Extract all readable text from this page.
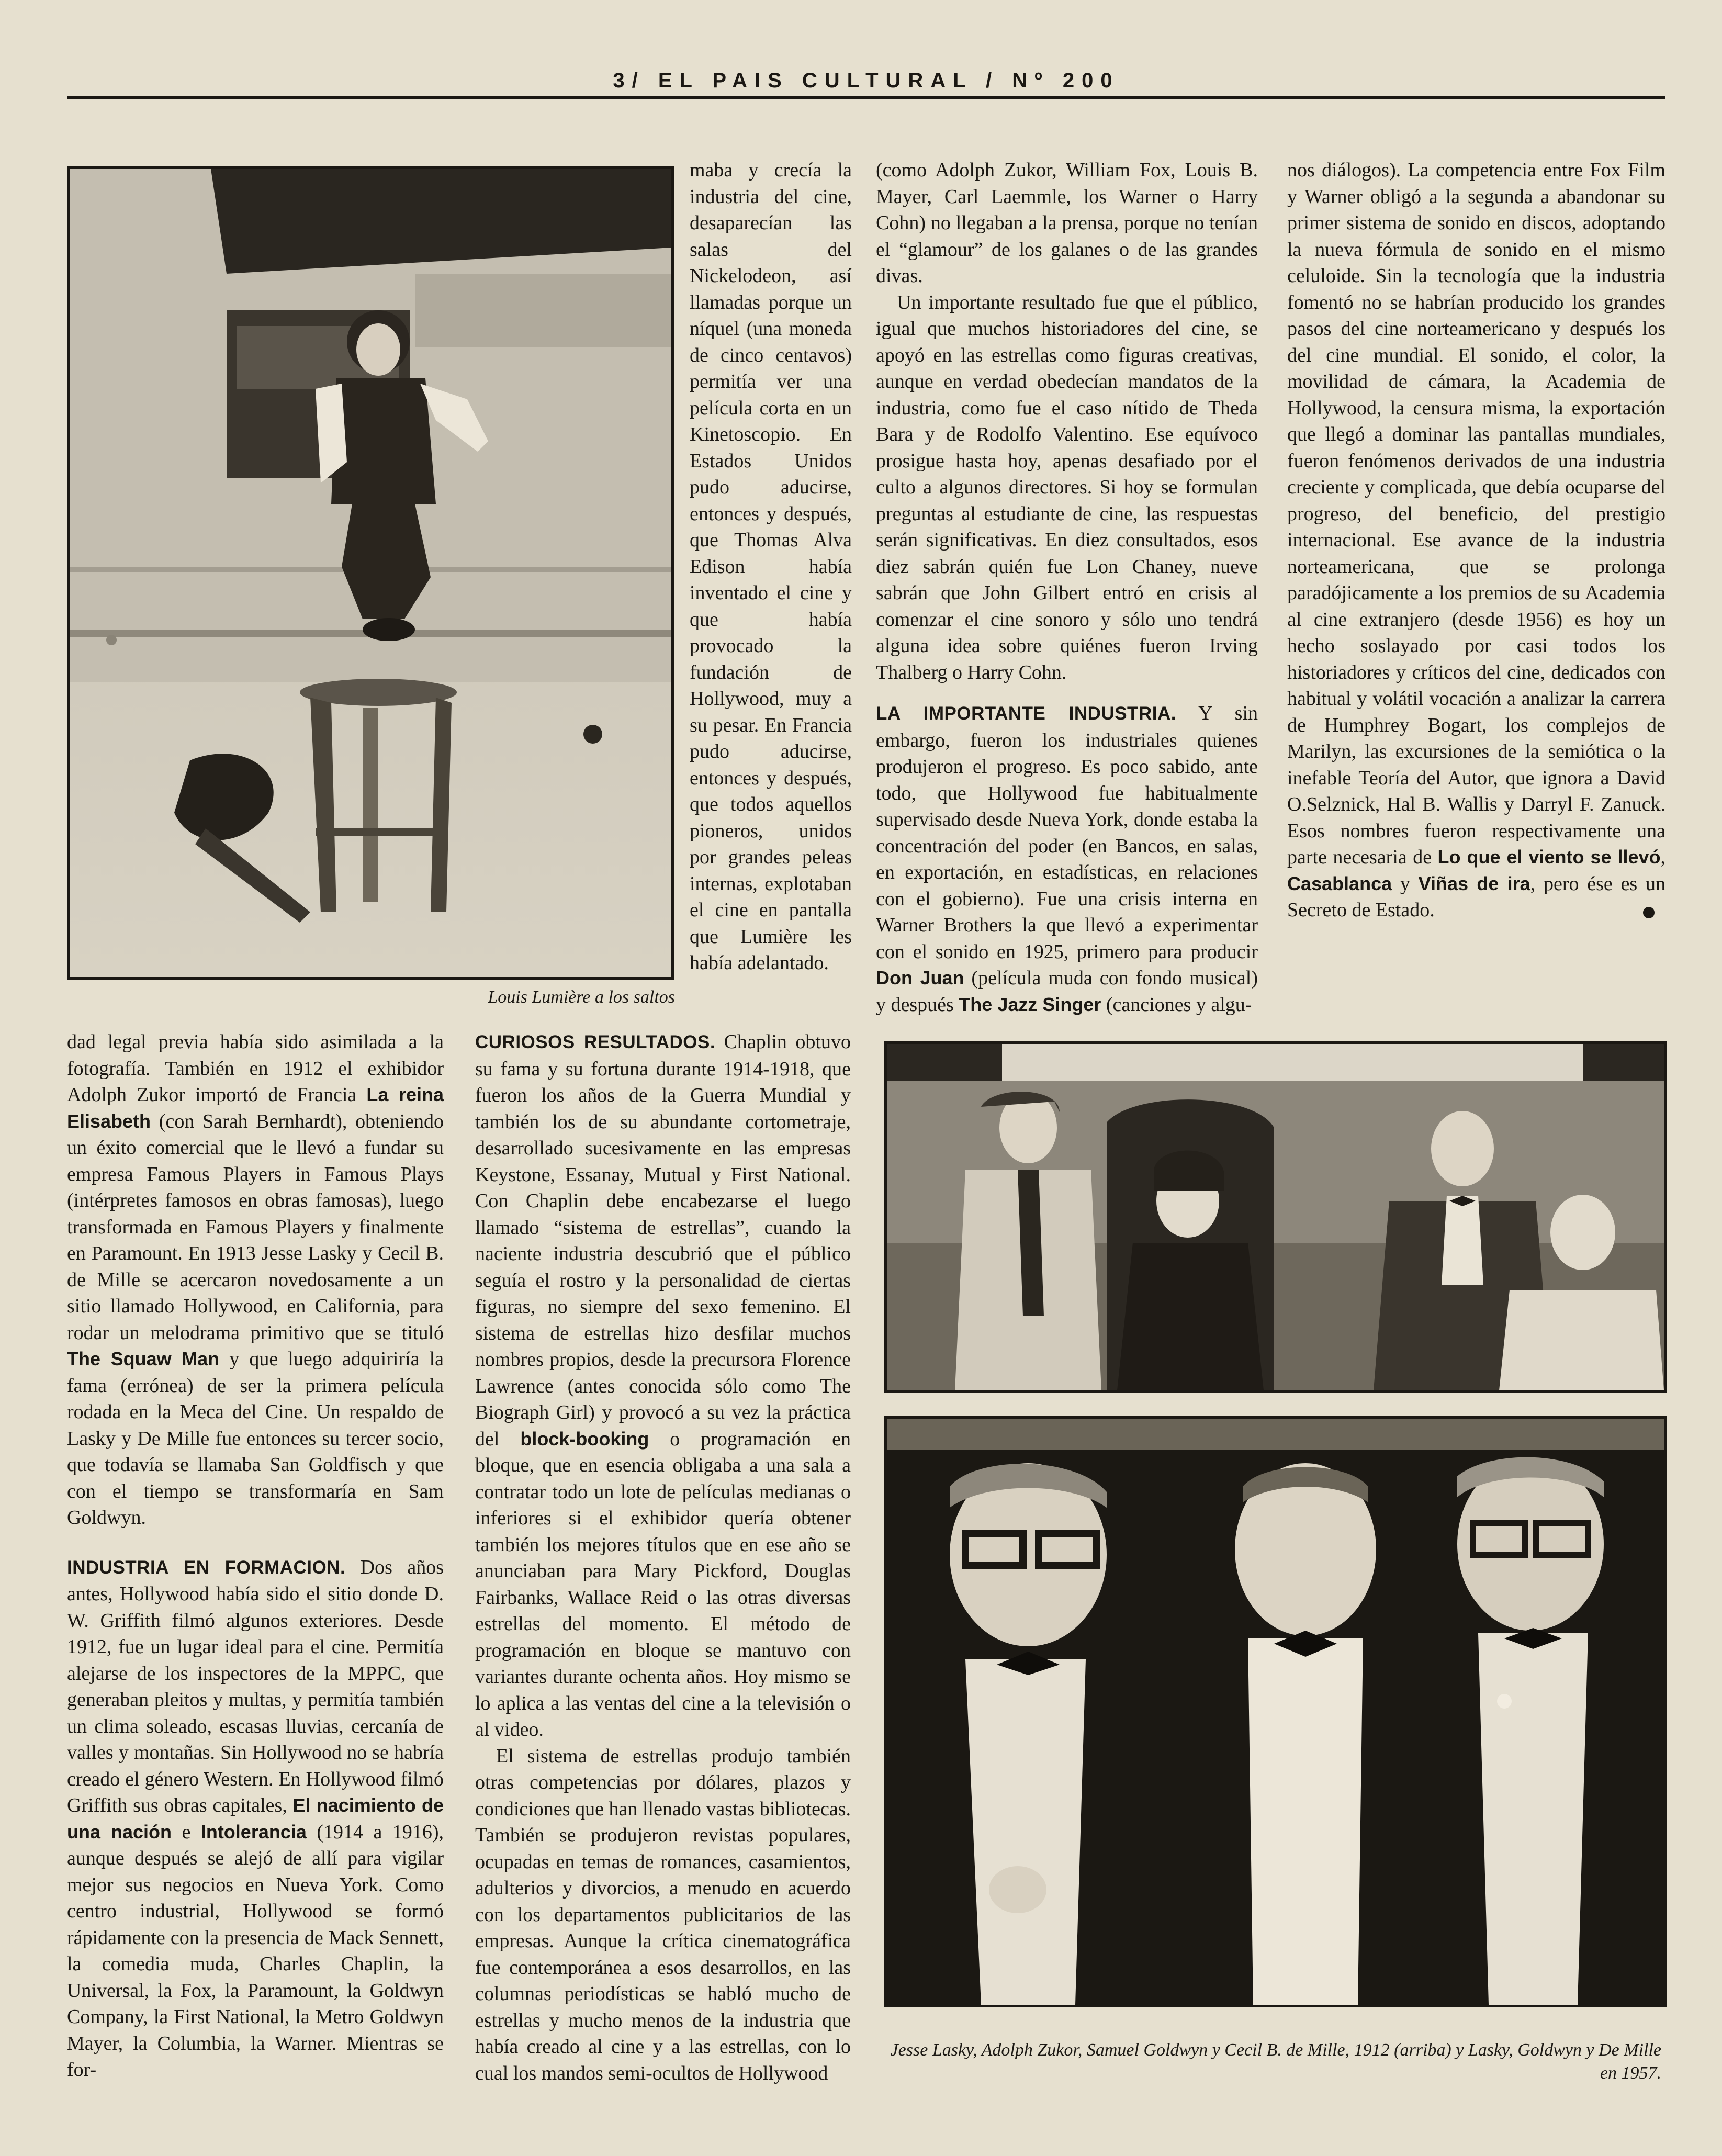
3/ EL PAIS CULTURAL / Nº 200
Louis Lumière a los saltos

maba y crecía la industria del cine, desaparecían las salas del Nickelodeon, así llamadas porque un níquel (una moneda de cinco centavos) permitía ver una película corta en un Kinetoscopio. En Estados Unidos pudo aducirse, entonces y después, que Thomas Alva Edison había inventado el cine y que había provocado la fundación de Hollywood, muy a su pesar. En Francia pudo aducirse, entonces y después, que todos aquellos pioneros, unidos por grandes peleas internas, explotaban el cine en pantalla que Lumière les había adelantado.

(como Adolph Zukor, William Fox, Louis B. Mayer, Carl Laemmle, los Warner o Harry Cohn) no llegaban a la prensa, porque no tenían el “glamour” de los galanes o de las grandes divas.

Un importante resultado fue que el público, igual que muchos historiadores del cine, se apoyó en las estrellas como figuras creativas, aunque en verdad obedecían mandatos de la industria, como fue el caso nítido de Theda Bara y de Rodolfo Valentino. Ese equívoco prosigue hasta hoy, apenas desafiado por el culto a algunos directores. Si hoy se formulan preguntas al estudiante de cine, las respuestas serán significativas. En diez consultados, esos diez sabrán quién fue Lon Chaney, nueve sabrán que John Gilbert entró en crisis al comenzar el cine sonoro y sólo uno tendrá alguna idea sobre quiénes fueron Irving Thalberg o Harry Cohn.

LA IMPORTANTE INDUSTRIA. Y sin embargo, fueron los industriales quienes produjeron el progreso. Es poco sabido, ante todo, que Hollywood fue habitualmente supervisado desde Nueva York, donde estaba la concentración del poder (en Bancos, en salas, en exportación, en estadísticas, en relaciones con el gobierno). Fue una crisis interna en Warner Brothers la que llevó a experimentar con el sonido en 1925, primero para producir Don Juan (película muda con fondo musical) y después The Jazz Singer (canciones y algu-

nos diálogos). La competencia entre Fox Film y Warner obligó a la segunda a abandonar su primer sistema de sonido en discos, adoptando la nueva fórmula de sonido en el mismo celuloide. Sin la tecnología que la industria fomentó no se habrían producido los grandes pasos del cine norteamericano y después los del cine mundial. El sonido, el color, la movilidad de cámara, la Academia de Hollywood, la censura misma, la exportación que llegó a dominar las pantallas mundiales, fueron fenómenos derivados de una industria creciente y complicada, que debía ocuparse del progreso, del beneficio, del prestigio internacional. Ese avance de la industria norteamericana, que se prolonga paradójicamente a los premios de su Academia al cine extranjero (desde 1956) es hoy un hecho soslayado por casi todos los historiadores y críticos del cine, dedicados con habitual y volátil vocación a analizar la carrera de Humphrey Bogart, los complejos de Marilyn, las excursiones de la semiótica o la inefable Teoría del Autor, que ignora a David O.Selznick, Hal B. Wallis y Darryl F. Zanuck. Esos nombres fueron respectivamente una parte necesaria de Lo que el viento se llevó, Casablanca y Viñas de ira, pero ése es un Secreto de Estado.

dad legal previa había sido asimilada a la fotografía. También en 1912 el exhibidor Adolph Zukor importó de Francia La reina Elisabeth (con Sarah Bernhardt), obteniendo un éxito comercial que le llevó a fundar su empresa Famous Players in Famous Plays (intérpretes famosos en obras famosas), luego transformada en Famous Players y finalmente en Paramount. En 1913 Jesse Lasky y Cecil B. de Mille se acercaron novedosamente a un sitio llamado Hollywood, en California, para rodar un melodrama primitivo que se tituló The Squaw Man y que luego adquiriría la fama (errónea) de ser la primera película rodada en la Meca del Cine. Un respaldo de Lasky y De Mille fue entonces su tercer socio, que todavía se llamaba San Goldfisch y que con el tiempo se transformaría en Sam Goldwyn.

INDUSTRIA EN FORMACION. Dos años antes, Hollywood había sido el sitio donde D. W. Griffith filmó algunos exteriores. Desde 1912, fue un lugar ideal para el cine. Permitía alejarse de los inspectores de la MPPC, que generaban pleitos y multas, y permitía también un clima soleado, escasas lluvias, cercanía de valles y montañas. Sin Hollywood no se habría creado el género Western. En Hollywood filmó Griffith sus obras capitales, El nacimiento de una nación e Intolerancia (1914 a 1916), aunque después se alejó de allí para vigilar mejor sus negocios en Nueva York. Como centro industrial, Hollywood se formó rápidamente con la presencia de Mack Sennett, la comedia muda, Charles Chaplin, la Universal, la Fox, la Paramount, la Goldwyn Company, la First National, la Metro Goldwyn Mayer, la Columbia, la Warner. Mientras se for-

CURIOSOS RESULTADOS. Chaplin obtuvo su fama y su fortuna durante 1914-1918, que fueron los años de la Guerra Mundial y también los de su abundante cortometraje, desarrollado sucesivamente en las empresas Keystone, Essanay, Mutual y First National. Con Chaplin debe encabezarse el luego llamado “sistema de estrellas”, cuando la naciente industria descubrió que el público seguía el rostro y la personalidad de ciertas figuras, no siempre del sexo femenino. El sistema de estrellas hizo desfilar muchos nombres propios, desde la precursora Florence Lawrence (antes conocida sólo como The Biograph Girl) y provocó a su vez la práctica del block-booking o programación en bloque, que en esencia obligaba a una sala a contratar todo un lote de películas medianas o inferiores si el exhibidor quería obtener también los mejores títulos que en ese año se anunciaban para Mary Pickford, Douglas Fairbanks, Wallace Reid o las otras diversas estrellas del momento. El método de programación en bloque se mantuvo con variantes durante ochenta años. Hoy mismo se lo aplica a las ventas del cine a la televisión o al video.

El sistema de estrellas produjo también otras competencias por dólares, plazos y condiciones que han llenado vastas bibliotecas. También se produjeron revistas populares, ocupadas en temas de romances, casamientos, adulterios y divorcios, a menudo en acuerdo con los departamentos publicitarios de las empresas. Aunque la crítica cinematográfica fue contemporánea a esos desarrollos, en las columnas periodísticas se habló mucho de estrellas y mucho menos de la industria que había creado al cine y a las estrellas, con lo cual los mandos semi-ocultos de Hollywood

Jesse Lasky, Adolph Zukor, Samuel Goldwyn y Cecil B. de Mille, 1912 (arriba) y Lasky, Goldwyn y De Mille en 1957.
